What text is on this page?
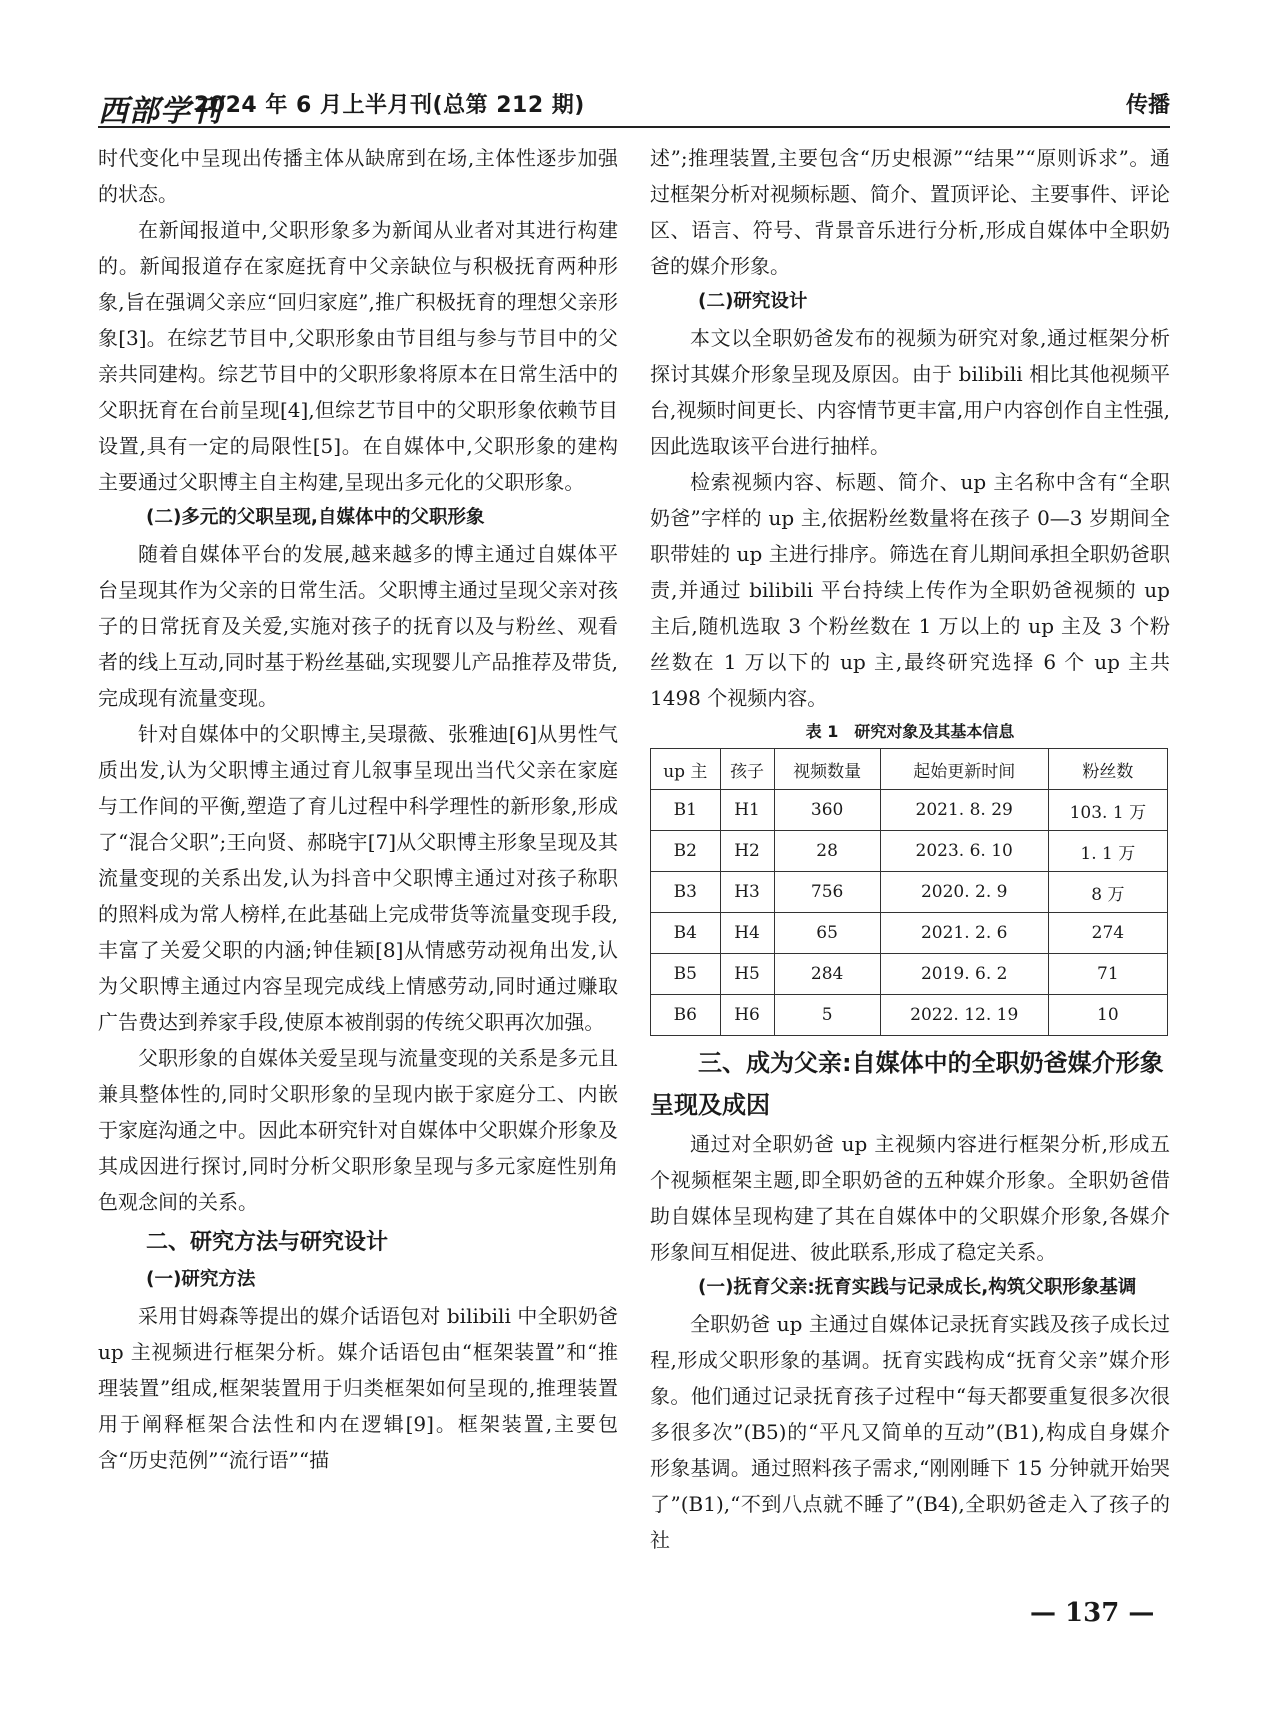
西部学刊
2024 年 6 月上半月刊(总第 212 期)	传播

时代变化中呈现出传播主体从缺席到在场,主体性逐步加强的状态。

在新闻报道中,父职形象多为新闻从业者对其进行构建的。新闻报道存在家庭抚育中父亲缺位与积极抚育两种形象,旨在强调父亲应“回归家庭”,推广积极抚育的理想父亲形象[3]。在综艺节目中,父职形象由节目组与参与节目中的父亲共同建构。综艺节目中的父职形象将原本在日常生活中的父职抚育在台前呈现[4],但综艺节目中的父职形象依赖节目设置,具有一定的局限性[5]。在自媒体中,父职形象的建构主要通过父职博主自主构建,呈现出多元化的父职形象。

(二)多元的父职呈现,自媒体中的父职形象

随着自媒体平台的发展,越来越多的博主通过自媒体平台呈现其作为父亲的日常生活。父职博主通过呈现父亲对孩子的日常抚育及关爱,实施对孩子的抚育以及与粉丝、观看者的线上互动,同时基于粉丝基础,实现婴儿产品推荐及带货,完成现有流量变现。

针对自媒体中的父职博主,吴璟薇、张雅迪[6]从男性气质出发,认为父职博主通过育儿叙事呈现出当代父亲在家庭与工作间的平衡,塑造了育儿过程中科学理性的新形象,形成了“混合父职”;王向贤、郝晓宇[7]从父职博主形象呈现及其流量变现的关系出发,认为抖音中父职博主通过对孩子称职的照料成为常人榜样,在此基础上完成带货等流量变现手段,丰富了关爱父职的内涵;钟佳颖[8]从情感劳动视角出发,认为父职博主通过内容呈现完成线上情感劳动,同时通过赚取广告费达到养家手段,使原本被削弱的传统父职再次加强。

父职形象的自媒体关爱呈现与流量变现的关系是多元且兼具整体性的,同时父职形象的呈现内嵌于家庭分工、内嵌于家庭沟通之中。因此本研究针对自媒体中父职媒介形象及其成因进行探讨,同时分析父职形象呈现与多元家庭性别角色观念间的关系。

二、研究方法与研究设计

(一)研究方法

采用甘姆森等提出的媒介话语包对 bilibili 中全职奶爸 up 主视频进行框架分析。媒介话语包由“框架装置”和“推理装置”组成,框架装置用于归类框架如何呈现的,推理装置用于阐释框架合法性和内在逻辑[9]。框架装置,主要包含“历史范例”“流行语”“描

述”;推理装置,主要包含“历史根源”“结果”“原则诉求”。通过框架分析对视频标题、简介、置顶评论、主要事件、评论区、语言、符号、背景音乐进行分析,形成自媒体中全职奶爸的媒介形象。

(二)研究设计

本文以全职奶爸发布的视频为研究对象,通过框架分析探讨其媒介形象呈现及原因。由于 bilibili 相比其他视频平台,视频时间更长、内容情节更丰富,用户内容创作自主性强,因此选取该平台进行抽样。

检索视频内容、标题、简介、up 主名称中含有“全职奶爸”字样的 up 主,依据粉丝数量将在孩子 0—3 岁期间全职带娃的 up 主进行排序。筛选在育儿期间承担全职奶爸职责,并通过 bilibili 平台持续上传作为全职奶爸视频的 up 主后,随机选取 3 个粉丝数在 1 万以上的 up 主及 3 个粉丝数在 1 万以下的 up 主,最终研究选择 6 个 up 主共 1498 个视频内容。

表 1　研究对象及其基本信息

up 主	孩子	视频数量	起始更新时间	粉丝数
B1	H1	360	2021. 8. 29	103. 1 万
B2	H2	28	2023. 6. 10	1. 1 万
B3	H3	756	2020. 2. 9	8 万
B4	H4	65	2021. 2. 6	274
B5	H5	284	2019. 6. 2	71
B6	H6	5	2022. 12. 19	10

三、成为父亲:自媒体中的全职奶爸媒介形象呈现及成因

通过对全职奶爸 up 主视频内容进行框架分析,形成五个视频框架主题,即全职奶爸的五种媒介形象。全职奶爸借助自媒体呈现构建了其在自媒体中的父职媒介形象,各媒介形象间互相促进、彼此联系,形成了稳定关系。

(一)抚育父亲:抚育实践与记录成长,构筑父职形象基调

全职奶爸 up 主通过自媒体记录抚育实践及孩子成长过程,形成父职形象的基调。抚育实践构成“抚育父亲”媒介形象。他们通过记录抚育孩子过程中“每天都要重复很多次很多很多次”(B5)的“平凡又简单的互动”(B1),构成自身媒介形象基调。通过照料孩子需求,“刚刚睡下 15 分钟就开始哭了”(B1),“不到八点就不睡了”(B4),全职奶爸走入了孩子的社

— 137 —
